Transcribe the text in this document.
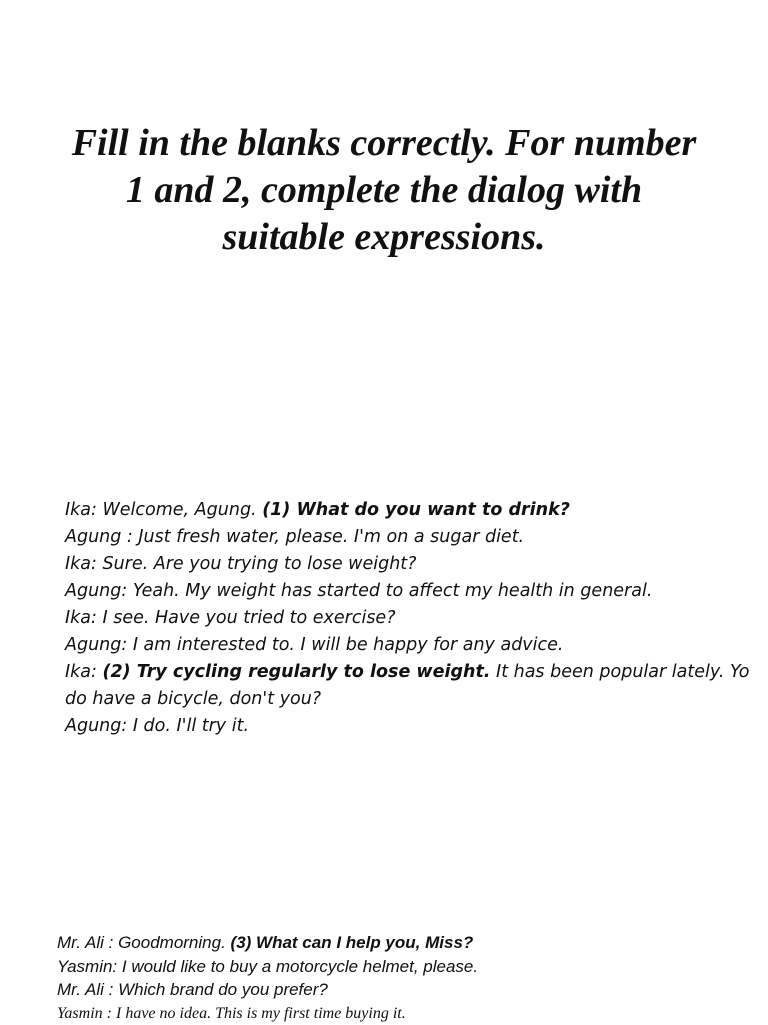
Fill in the blanks correctly. For number 1 and 2, complete the dialog with suitable expressions.
Ika: Welcome, Agung. (1) What do you want to drink?
Agung : Just fresh water, please. I'm on a sugar diet.
Ika: Sure. Are you trying to lose weight?
Agung: Yeah. My weight has started to affect my health in general.
Ika: I see. Have you tried to exercise?
Agung: I am interested to. I will be happy for any advice.
Ika: (2) Try cycling regularly to lose weight. It has been popular lately. Yo
do have a bicycle, don't you?
Agung: I do. I'll try it.
Mr. Ali : Goodmorning. (3) What can I help you, Miss?
Yasmin: I would like to buy a motorcycle helmet, please.
Mr. Ali : Which brand do you prefer?
Yasmin : I have no idea. This is my first time buying it.
